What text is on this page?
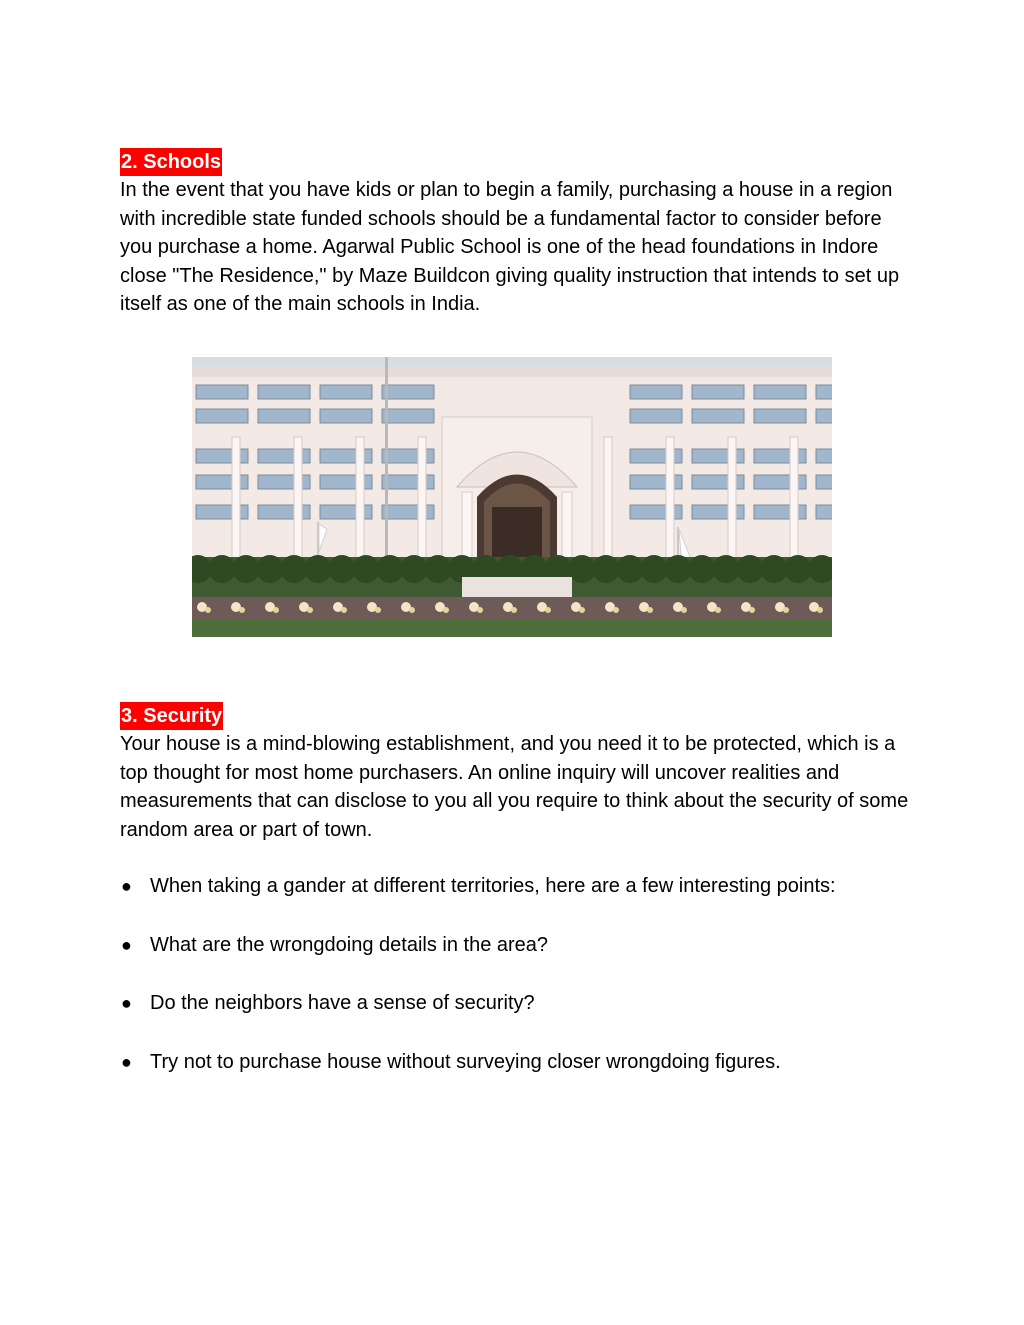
2. Schools

In the event that you have kids or plan to begin a family, purchasing a house in a region with incredible state funded schools should be a fundamental factor to consider before you purchase a home. Agarwal Public School is one of the head foundations in Indore close "The Residence," by Maze Buildcon giving quality instruction that intends to set up itself as one of the main schools in India.

3. Security

Your house is a mind-blowing establishment, and you need it to be protected, which is a top thought for most home purchasers. An online inquiry will uncover realities and measurements that can disclose to you all you require to think about the security of some random area or part of town.

● When taking a gander at different territories, here are a few interesting points:
● What are the wrongdoing details in the area?
● Do the neighbors have a sense of security?
● Try not to purchase house without surveying closer wrongdoing figures.
